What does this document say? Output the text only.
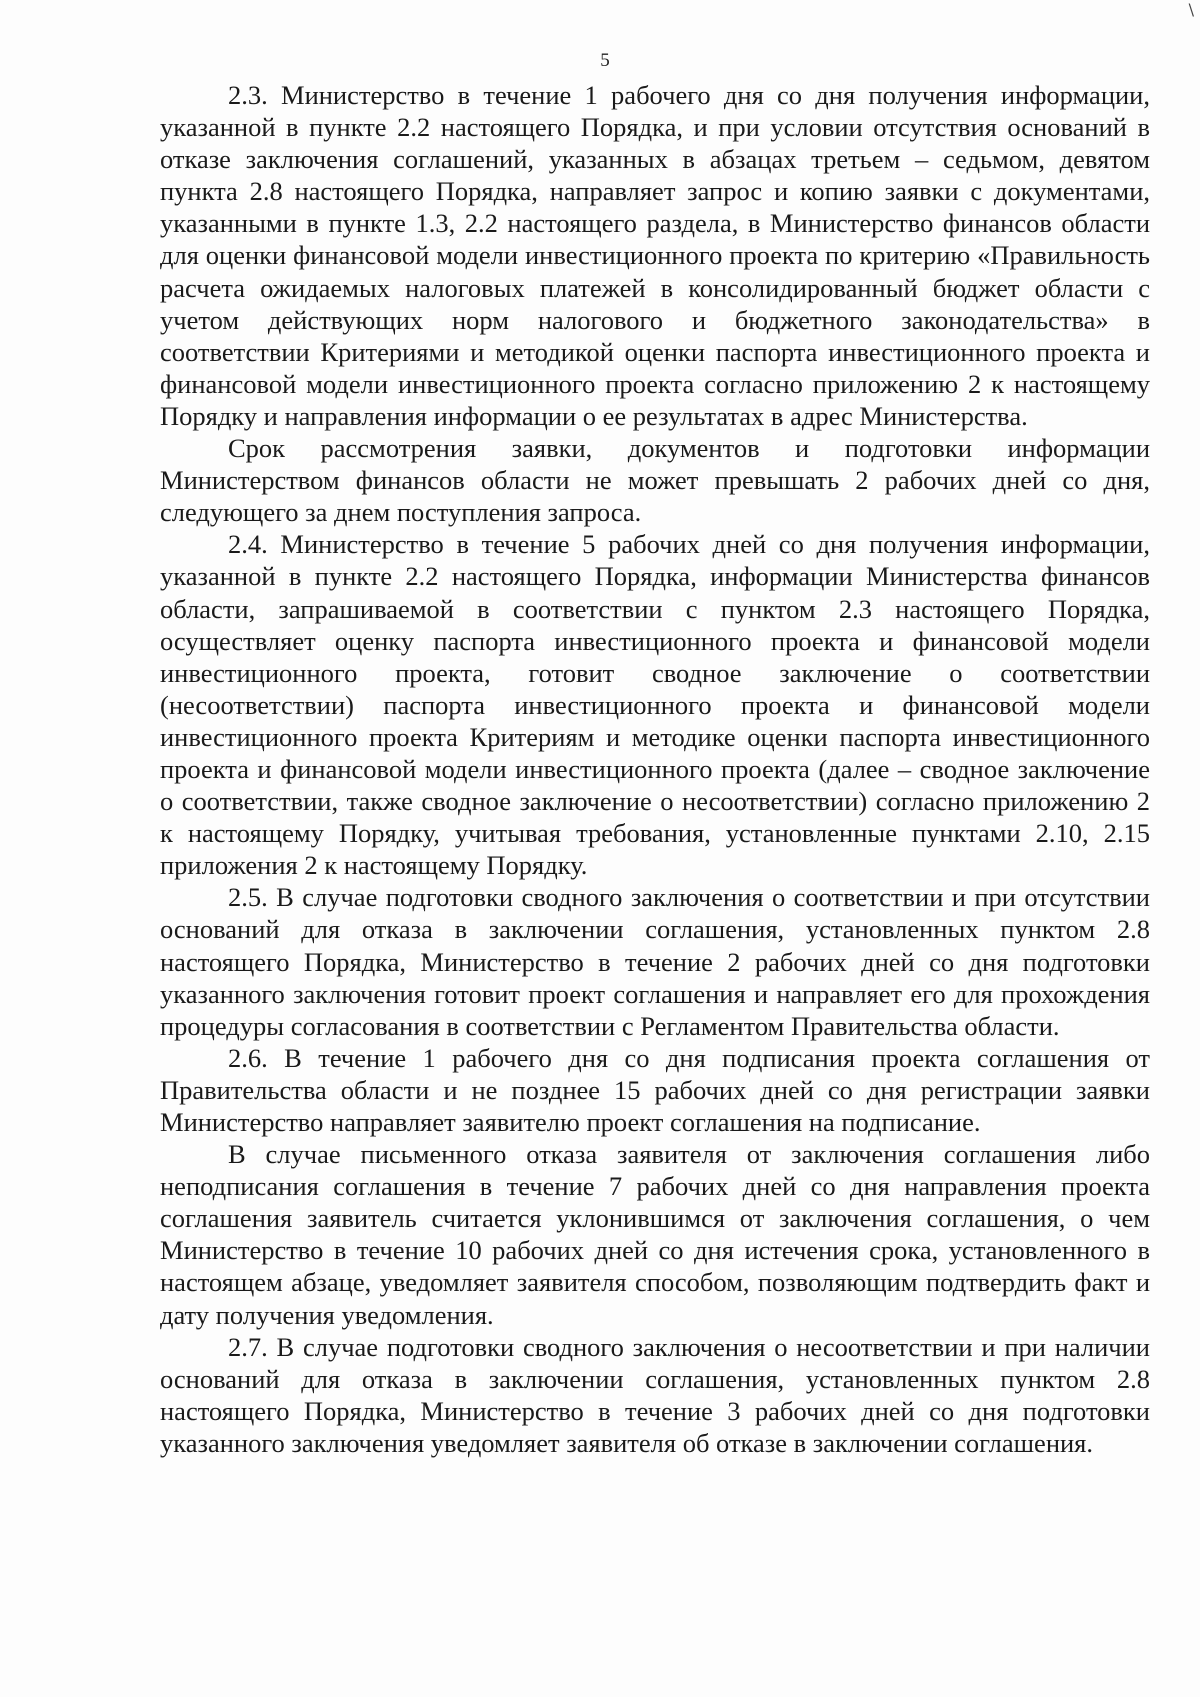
\
5

2.3. Министерство в течение 1 рабочего дня со дня получения информации, указанной в пункте 2.2 настоящего Порядка, и при условии отсутствия оснований в отказе заключения соглашений, указанных в абзацах третьем – седьмом, девятом пункта 2.8 настоящего Порядка, направляет запрос и копию заявки с документами, указанными в пункте 1.3, 2.2 настоящего раздела, в Министерство финансов области для оценки финансовой модели инвестиционного проекта по критерию «Правильность расчета ожидаемых налоговых платежей в консолидированный бюджет области с учетом действующих норм налогового и бюджетного законодательства» в соответствии Критериями и методикой оценки паспорта инвестиционного проекта и финансовой модели инвестиционного проекта согласно приложению 2 к настоящему Порядку и направления информации о ее результатах в адрес Министерства.

Срок рассмотрения заявки, документов и подготовки информации Министерством финансов области не может превышать 2 рабочих дней со дня, следующего за днем поступления запроса.

2.4. Министерство в течение 5 рабочих дней со дня получения информации, указанной в пункте 2.2 настоящего Порядка, информации Министерства финансов области, запрашиваемой в соответствии с пунктом 2.3 настоящего Порядка, осуществляет оценку паспорта инвестиционного проекта и финансовой модели инвестиционного проекта, готовит сводное заключение о соответствии (несоответствии) паспорта инвестиционного проекта и финансовой модели инвестиционного проекта Критериям и методике оценки паспорта инвестиционного проекта и финансовой модели инвестиционного проекта (далее – сводное заключение о соответствии, также сводное заключение о несоответствии) согласно приложению 2 к настоящему Порядку, учитывая требования, установленные пунктами 2.10, 2.15 приложения 2 к настоящему Порядку.

2.5. В случае подготовки сводного заключения о соответствии и при отсутствии оснований для отказа в заключении соглашения, установленных пунктом 2.8 настоящего Порядка, Министерство в течение 2 рабочих дней со дня подготовки указанного заключения готовит проект соглашения и направляет его для прохождения процедуры согласования в соответствии с Регламентом Правительства области.

2.6. В течение 1 рабочего дня со дня подписания проекта соглашения от Правительства области и не позднее 15 рабочих дней со дня регистрации заявки Министерство направляет заявителю проект соглашения на подписание.

В случае письменного отказа заявителя от заключения соглашения либо неподписания соглашения в течение 7 рабочих дней со дня направления проекта соглашения заявитель считается уклонившимся от заключения соглашения, о чем Министерство в течение 10 рабочих дней со дня истечения срока, установленного в настоящем абзаце, уведомляет заявителя способом, позволяющим подтвердить факт и дату получения уведомления.

2.7. В случае подготовки сводного заключения о несоответствии и при наличии оснований для отказа в заключении соглашения, установленных пунктом 2.8 настоящего Порядка, Министерство в течение 3 рабочих дней со дня подготовки указанного заключения уведомляет заявителя об отказе в заключении соглашения.
